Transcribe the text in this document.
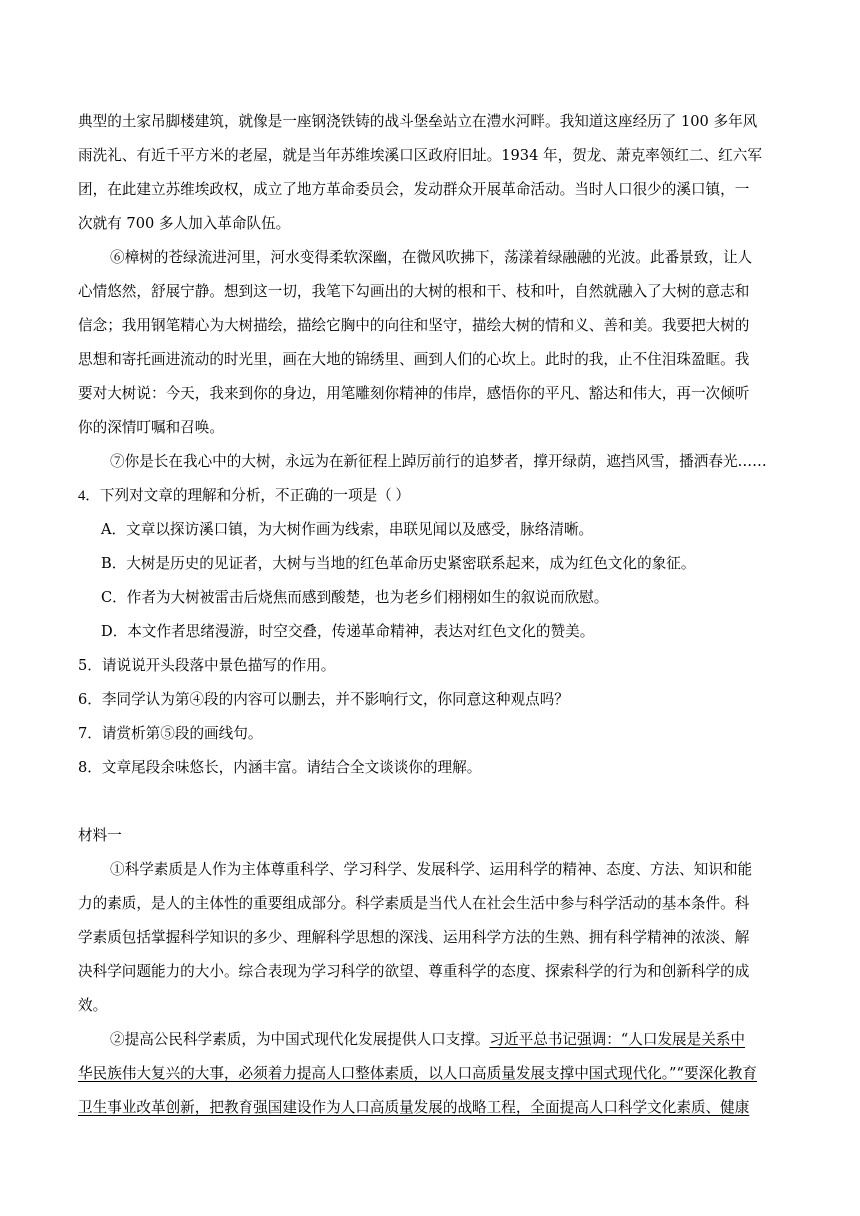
典型的土家吊脚楼建筑，就像是一座钢浇铁铸的战斗堡垒站立在澧水河畔。我知道这座经历了 100 多年风
雨洗礼、有近千平方米的老屋，就是当年苏维埃溪口区政府旧址。1934 年，贺龙、萧克率领红二、红六军
团，在此建立苏维埃政权，成立了地方革命委员会，发动群众开展革命活动。当时人口很少的溪口镇，一
次就有 700 多人加入革命队伍。
⑥樟树的苍绿流进河里，河水变得柔软深幽，在微风吹拂下，荡漾着绿融融的光波。此番景致，让人
心情悠然，舒展宁静。想到这一切，我笔下勾画出的大树的根和干、枝和叶，自然就融入了大树的意志和
信念；我用钢笔精心为大树描绘，描绘它胸中的向往和坚守，描绘大树的情和义、善和美。我要把大树的
思想和寄托画进流动的时光里，画在大地的锦绣里、画到人们的心坎上。此时的我，止不住泪珠盈眶。我
要对大树说：今天，我来到你的身边，用笔雕刻你精神的伟岸，感悟你的平凡、豁达和伟大，再一次倾听
你的深情叮嘱和召唤。
⑦你是长在我心中的大树，永远为在新征程上踔厉前行的追梦者，撑开绿荫，遮挡风雪，播洒春光……
4．下列对文章的理解和分析，不正确的一项是（ ）
A．文章以探访溪口镇，为大树作画为线索，串联见闻以及感受，脉络清晰。
B．大树是历史的见证者，大树与当地的红色革命历史紧密联系起来，成为红色文化的象征。
C．作者为大树被雷击后烧焦而感到酸楚，也为老乡们栩栩如生的叙说而欣慰。
D．本文作者思绪漫游，时空交叠，传递革命精神，表达对红色文化的赞美。
5．请说说开头段落中景色描写的作用。
6．李同学认为第④段的内容可以删去，并不影响行文，你同意这种观点吗？
7．请赏析第⑤段的画线句。
8．文章尾段余味悠长，内涵丰富。请结合全文谈谈你的理解。
材料一
①科学素质是人作为主体尊重科学、学习科学、发展科学、运用科学的精神、态度、方法、知识和能
力的素质，是人的主体性的重要组成部分。科学素质是当代人在社会生活中参与科学活动的基本条件。科
学素质包括掌握科学知识的多少、理解科学思想的深浅、运用科学方法的生熟、拥有科学精神的浓淡、解
决科学问题能力的大小。综合表现为学习科学的欲望、尊重科学的态度、探索科学的行为和创新科学的成
效。
②提高公民科学素质，为中国式现代化发展提供人口支撑。习近平总书记强调：“人口发展是关系中
华民族伟大复兴的大事，必须着力提高人口整体素质，以人口高质量发展支撑中国式现代化。”“要深化教育
卫生事业改革创新，把教育强国建设作为人口高质量发展的战略工程，全面提高人口科学文化素质、健康
